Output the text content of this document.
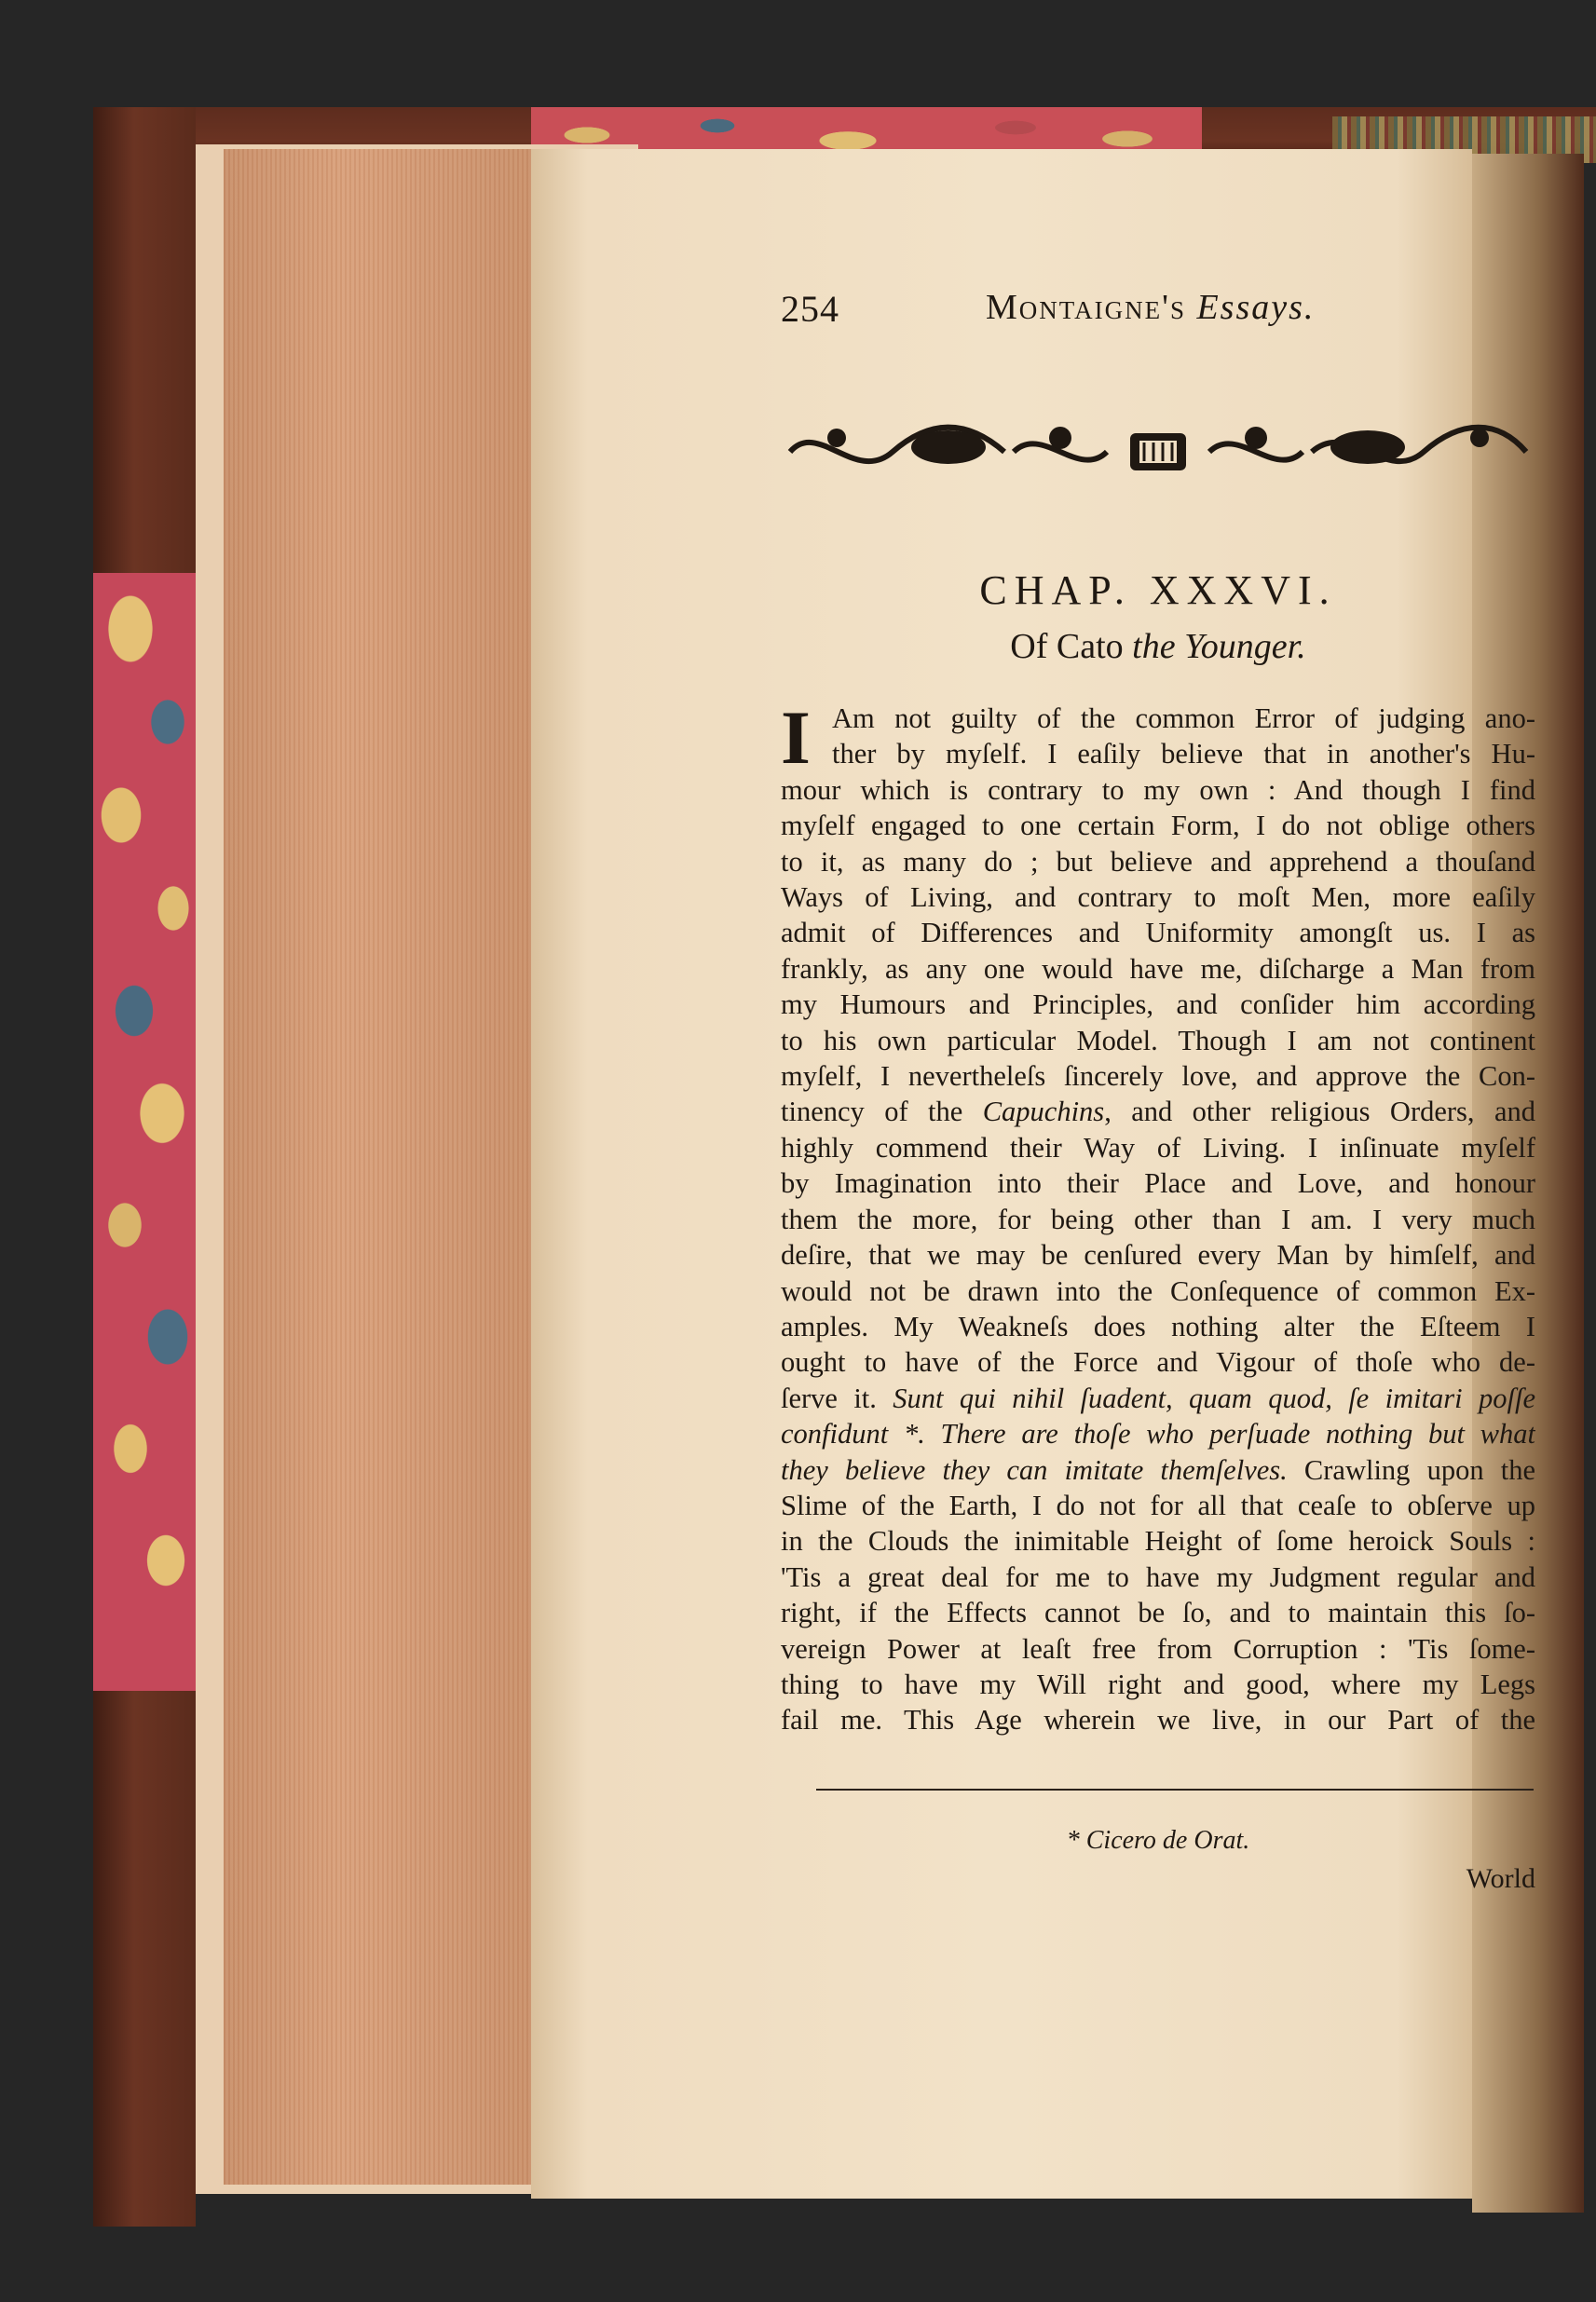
254	Montaigne's Essays.
CHAP. XXXVI.
Of Cato the Younger.
I Am not guilty of the common Error of judging ano-
ther by myſelf. I eaſily believe that in another's Hu-
mour which is contrary to my own : And though I find
myſelf engaged to one certain Form, I do not oblige others
to it, as many do ; but believe and apprehend a thouſand
Ways of Living, and contrary to moſt Men, more eaſily
admit of Differences and Uniformity amongſt us. I as
frankly, as any one would have me, diſcharge a Man from
my Humours and Principles, and conſider him according
to his own particular Model. Though I am not continent
myſelf, I nevertheleſs ſincerely love, and approve the Con-
tinency of the Capuchins, and other religious Orders, and
highly commend their Way of Living. I inſinuate myſelf
by Imagination into their Place and Love, and honour
them the more, for being other than I am. I very much
deſire, that we may be cenſured every Man by himſelf, and
would not be drawn into the Conſequence of common Ex-
amples. My Weakneſs does nothing alter the Eſteem I
ought to have of the Force and Vigour of thoſe who de-
ſerve it. Sunt qui nihil ſuadent, quam quod, ſe imitari poſſe
confidunt *. There are thoſe who perſuade nothing but what
they believe they can imitate themſelves. Crawling upon the
Slime of the Earth, I do not for all that ceaſe to obſerve up
in the Clouds the inimitable Height of ſome heroick Souls :
'Tis a great deal for me to have my Judgment regular and
right, if the Effects cannot be ſo, and to maintain this ſo-
vereign Power at leaſt free from Corruption : 'Tis ſome-
thing to have my Will right and good, where my Legs
fail me. This Age wherein we live, in our Part of the
* Cicero de Orat.
World
